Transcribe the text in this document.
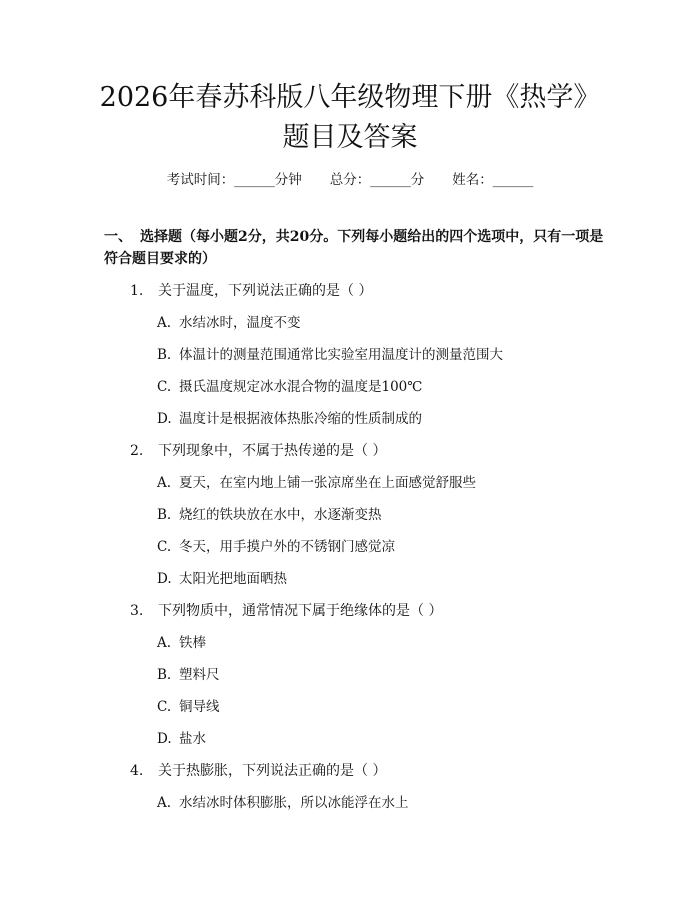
2026年春苏科版八年级物理下册《热学》题目及答案
考试时间：______分钟 总分：______分 姓名：______

一、 选择题（每小题2分，共20分。下列每小题给出的四个选项中，只有一项是符合题目要求的）

1. 关于温度，下列说法正确的是（ ）
A. 水结冰时，温度不变
B. 体温计的测量范围通常比实验室用温度计的测量范围大
C. 摄氏温度规定冰水混合物的温度是100℃
D. 温度计是根据液体热胀冷缩的性质制成的
2. 下列现象中，不属于热传递的是（ ）
A. 夏天，在室内地上铺一张凉席坐在上面感觉舒服些
B. 烧红的铁块放在水中，水逐渐变热
C. 冬天，用手摸户外的不锈钢门感觉凉
D. 太阳光把地面晒热
3. 下列物质中，通常情况下属于绝缘体的是（ ）
A. 铁棒
B. 塑料尺
C. 铜导线
D. 盐水
4. 关于热膨胀，下列说法正确的是（ ）
A. 水结冰时体积膨胀，所以冰能浮在水上
